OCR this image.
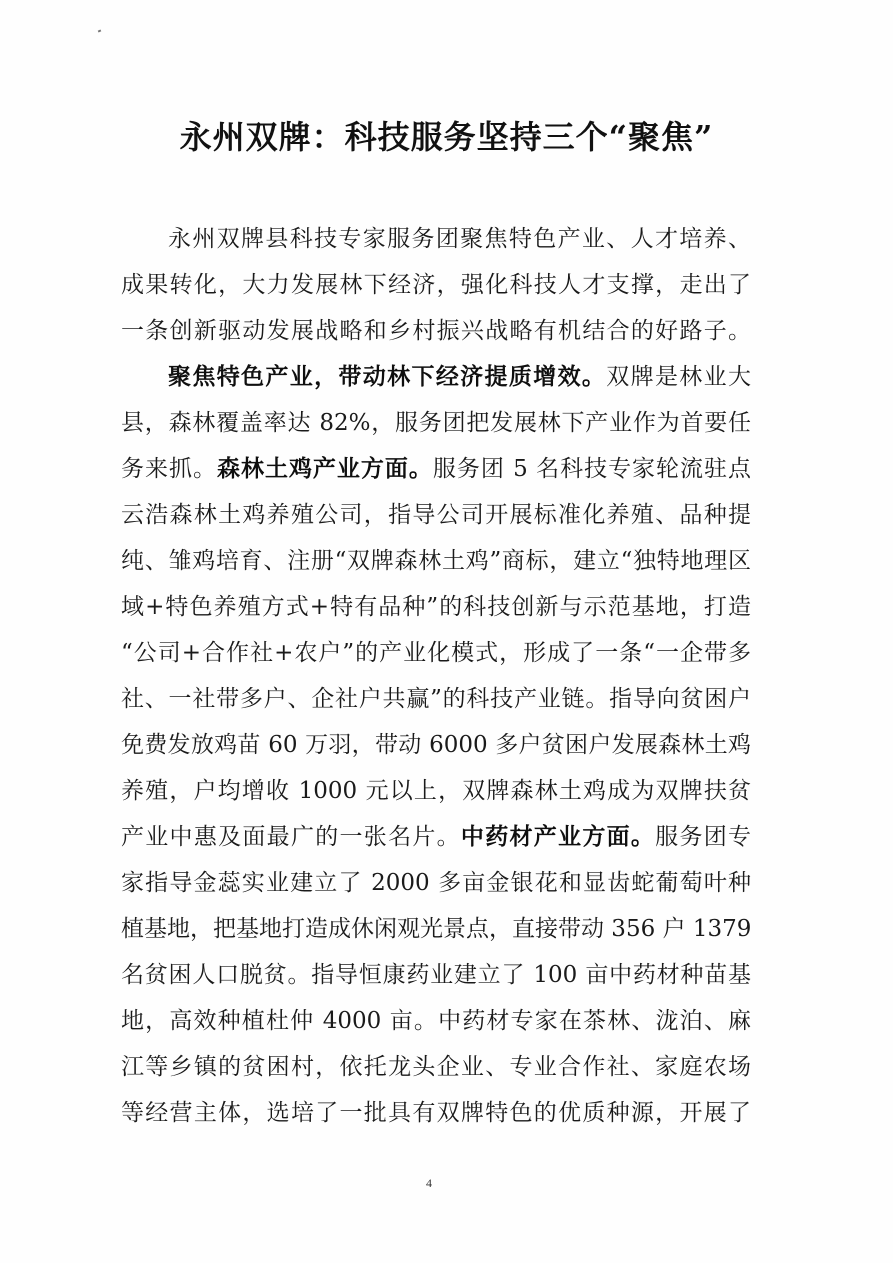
永州双牌：科技服务坚持三个“聚焦”
永州双牌县科技专家服务团聚焦特色产业、人才培养、
成果转化，大力发展林下经济，强化科技人才支撑，走出了
一条创新驱动发展战略和乡村振兴战略有机结合的好路子。
聚焦特色产业，带动林下经济提质增效。双牌是林业大
县，森林覆盖率达 82%，服务团把发展林下产业作为首要任
务来抓。森林土鸡产业方面。服务团 5 名科技专家轮流驻点
云浩森林土鸡养殖公司，指导公司开展标准化养殖、品种提
纯、雏鸡培育、注册“双牌森林土鸡”商标，建立“独特地理区
域+特色养殖方式+特有品种”的科技创新与示范基地，打造
“公司+合作社+农户”的产业化模式，形成了一条“一企带多
社、一社带多户、企社户共赢”的科技产业链。指导向贫困户
免费发放鸡苗 60 万羽，带动 6000 多户贫困户发展森林土鸡
养殖，户均增收 1000 元以上，双牌森林土鸡成为双牌扶贫
产业中惠及面最广的一张名片。中药材产业方面。服务团专
家指导金蕊实业建立了 2000 多亩金银花和显齿蛇葡萄叶种
植基地，把基地打造成休闲观光景点，直接带动 356 户 1379
名贫困人口脱贫。指导恒康药业建立了 100 亩中药材种苗基
地，高效种植杜仲 4000 亩。中药材专家在茶林、泷泊、麻
江等乡镇的贫困村，依托龙头企业、专业合作社、家庭农场
等经营主体，选培了一批具有双牌特色的优质种源，开展了
4
